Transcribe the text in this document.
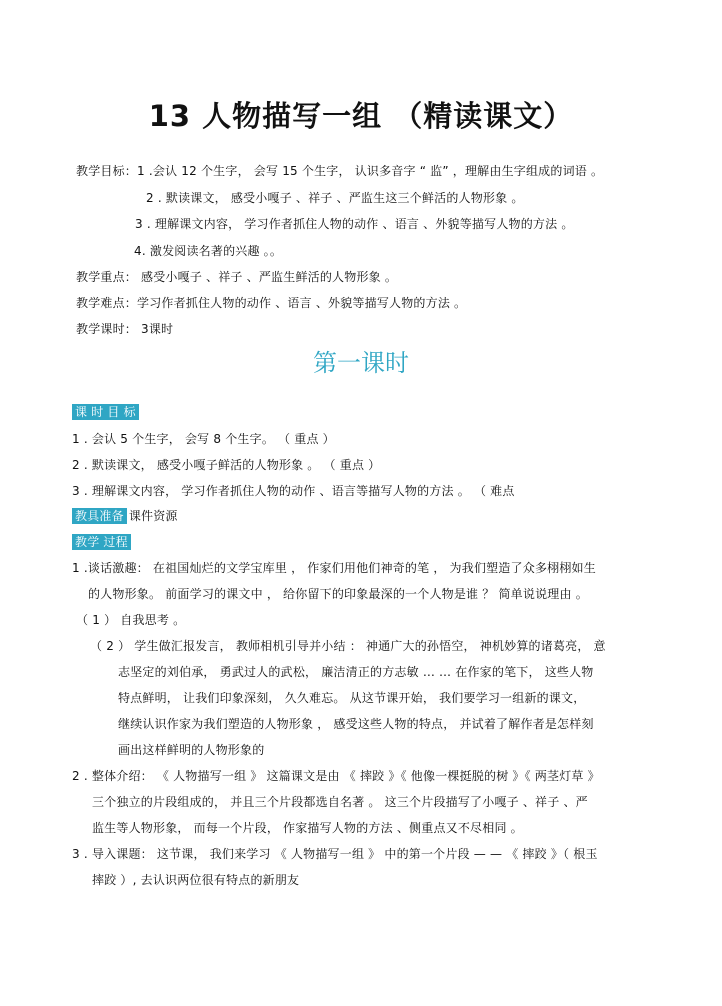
13 人物描写一组 （精读课文）
教学目标：1 .会认 12 个生字， 会写 15 个生字， 认识多音字 “ 监” ，理解由生字组成的词语 。
2 . 默读课文， 感受小嘎子 、祥子 、严监生这三个鲜活的人物形象 。
3 . 理解课文内容， 学习作者抓住人物的动作 、语言 、外貌等描写人物的方法 。
4. 激发阅读名著的兴趣 。。
教学重点： 感受小嘎子 、祥子 、严监生鲜活的人物形象 。
教学难点：学习作者抓住人物的动作 、语言 、外貌等描写人物的方法 。
教学课时： 3课时
第一课时
课 时 目 标
1 . 会认 5 个生字， 会写 8 个生字。 （ 重点 ）
2 . 默读课文， 感受小嘎子鲜活的人物形象 。 （ 重点 ）
3 . 理解课文内容， 学习作者抓住人物的动作 、语言等描写人物的方法 。 （ 难点
教具准备 课件资源
教学 过程
1 .谈话激趣： 在祖国灿烂的文学宝库里 ， 作家们用他们神奇的笔 ， 为我们塑造了众多栩栩如生
的人物形象。 前面学习的课文中 ， 给你留下的印象最深的一个人物是谁 ？ 简单说说理由 。
（ 1 ） 自我思考 。
（ 2 ） 学生做汇报发言， 教师相机引导并小结 ： 神通广大的孙悟空， 神机妙算的诸葛亮， 意
志坚定的刘伯承， 勇武过人的武松， 廉洁清正的方志敏 … … 在作家的笔下， 这些人物
特点鲜明， 让我们印象深刻， 久久难忘。 从这节课开始， 我们要学习一组新的课文，
继续认识作家为我们塑造的人物形象 ， 感受这些人物的特点， 并试着了解作者是怎样刻
画出这样鲜明的人物形象的
2 . 整体介绍： 《 人物描写一组 》 这篇课文是由 《 摔跤 》《 他像一棵挺脱的树 》《 两茎灯草 》
三个独立的片段组成的， 并且三个片段都选自名著 。 这三个片段描写了小嘎子 、祥子 、严
监生等人物形象， 而每一个片段， 作家描写人物的方法 、侧重点又不尽相同 。
3 . 导入课题： 这节课， 我们来学习 《 人物描写一组 》 中的第一个片段 — — 《 摔跤 》（ 根玉
摔跤 ）, 去认识两位很有特点的新朋友
